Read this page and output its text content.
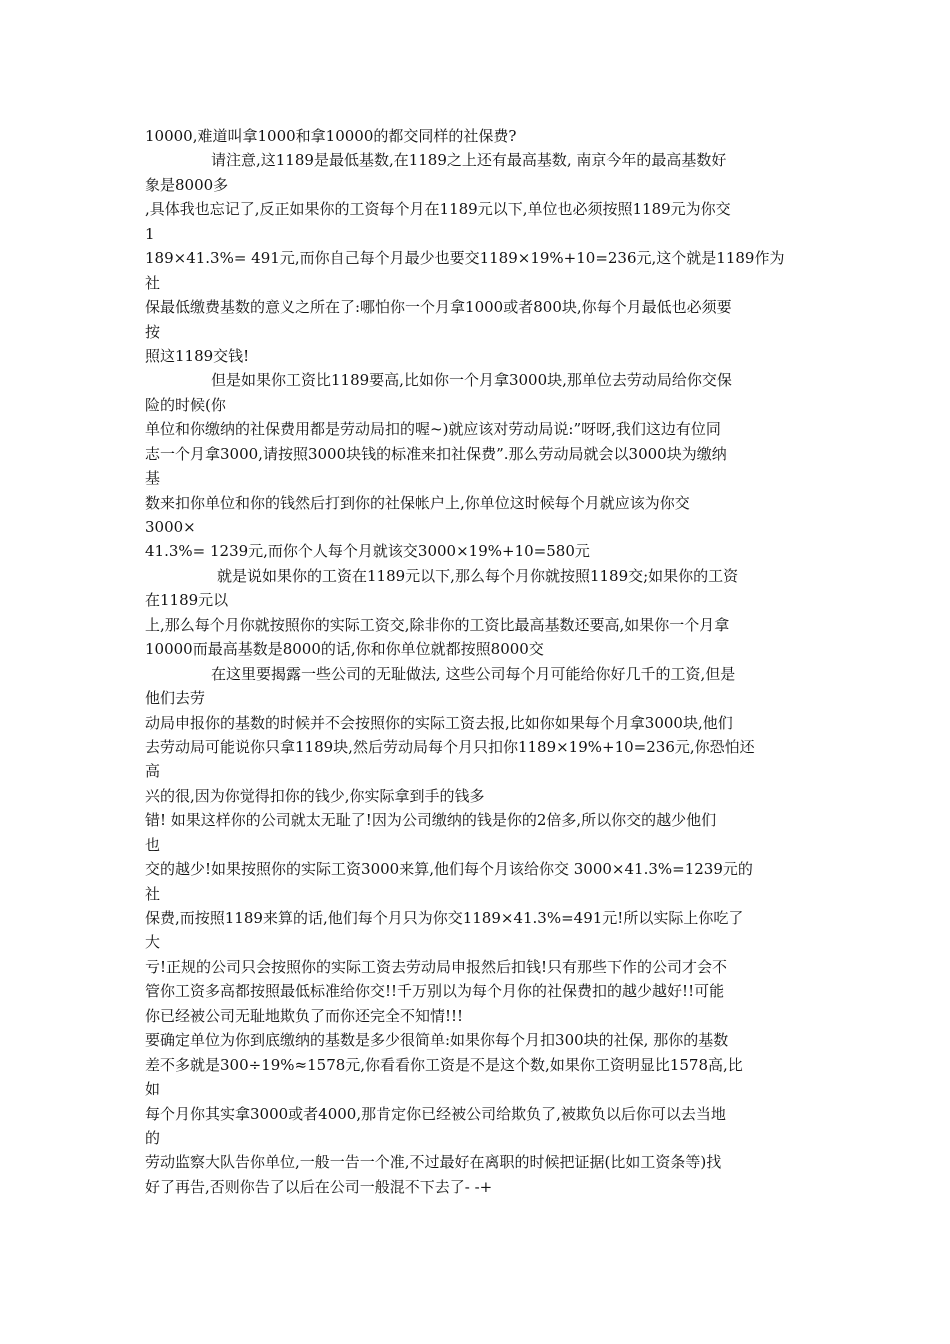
10000,难道叫拿1000和拿10000的都交同样的社保费?
请注意,这1189是最低基数,在1189之上还有最高基数, 南京今年的最高基数好
象是8000多
,具体我也忘记了,反正如果你的工资每个月在1189元以下,单位也必须按照1189元为你交
1
189×41.3%= 491元,而你自己每个月最少也要交1189×19%+10=236元,这个就是1189作为
社
保最低缴费基数的意义之所在了:哪怕你一个月拿1000或者800块,你每个月最低也必须要
按
照这1189交钱!
但是如果你工资比1189要高,比如你一个月拿3000块,那单位去劳动局给你交保
险的时候(你
单位和你缴纳的社保费用都是劳动局扣的喔~)就应该对劳动局说:”呀呀,我们这边有位同
志一个月拿3000,请按照3000块钱的标准来扣社保费”.那么劳动局就会以3000块为缴纳
基
数来扣你单位和你的钱然后打到你的社保帐户上,你单位这时候每个月就应该为你交
3000×
41.3%= 1239元,而你个人每个月就该交3000×19%+10=580元
就是说如果你的工资在1189元以下,那么每个月你就按照1189交;如果你的工资
在1189元以
上,那么每个月你就按照你的实际工资交,除非你的工资比最高基数还要高,如果你一个月拿
10000而最高基数是8000的话,你和你单位就都按照8000交
在这里要揭露一些公司的无耻做法, 这些公司每个月可能给你好几千的工资,但是
他们去劳
动局申报你的基数的时候并不会按照你的实际工资去报,比如你如果每个月拿3000块,他们
去劳动局可能说你只拿1189块,然后劳动局每个月只扣你1189×19%+10=236元,你恐怕还
高
兴的很,因为你觉得扣你的钱少,你实际拿到手的钱多
错! 如果这样你的公司就太无耻了!因为公司缴纳的钱是你的2倍多,所以你交的越少他们
也
交的越少!如果按照你的实际工资3000来算,他们每个月该给你交 3000×41.3%=1239元的
社
保费,而按照1189来算的话,他们每个月只为你交1189×41.3%=491元!所以实际上你吃了
大
亏!正规的公司只会按照你的实际工资去劳动局申报然后扣钱!只有那些下作的公司才会不
管你工资多高都按照最低标准给你交!!千万别以为每个月你的社保费扣的越少越好!!可能
你已经被公司无耻地欺负了而你还完全不知情!!!
要确定单位为你到底缴纳的基数是多少很简单:如果你每个月扣300块的社保, 那你的基数
差不多就是300÷19%≈1578元,你看看你工资是不是这个数,如果你工资明显比1578高,比
如
每个月你其实拿3000或者4000,那肯定你已经被公司给欺负了,被欺负以后你可以去当地
的
劳动监察大队告你单位,一般一告一个准,不过最好在离职的时候把证据(比如工资条等)找
好了再告,否则你告了以后在公司一般混不下去了- -+
